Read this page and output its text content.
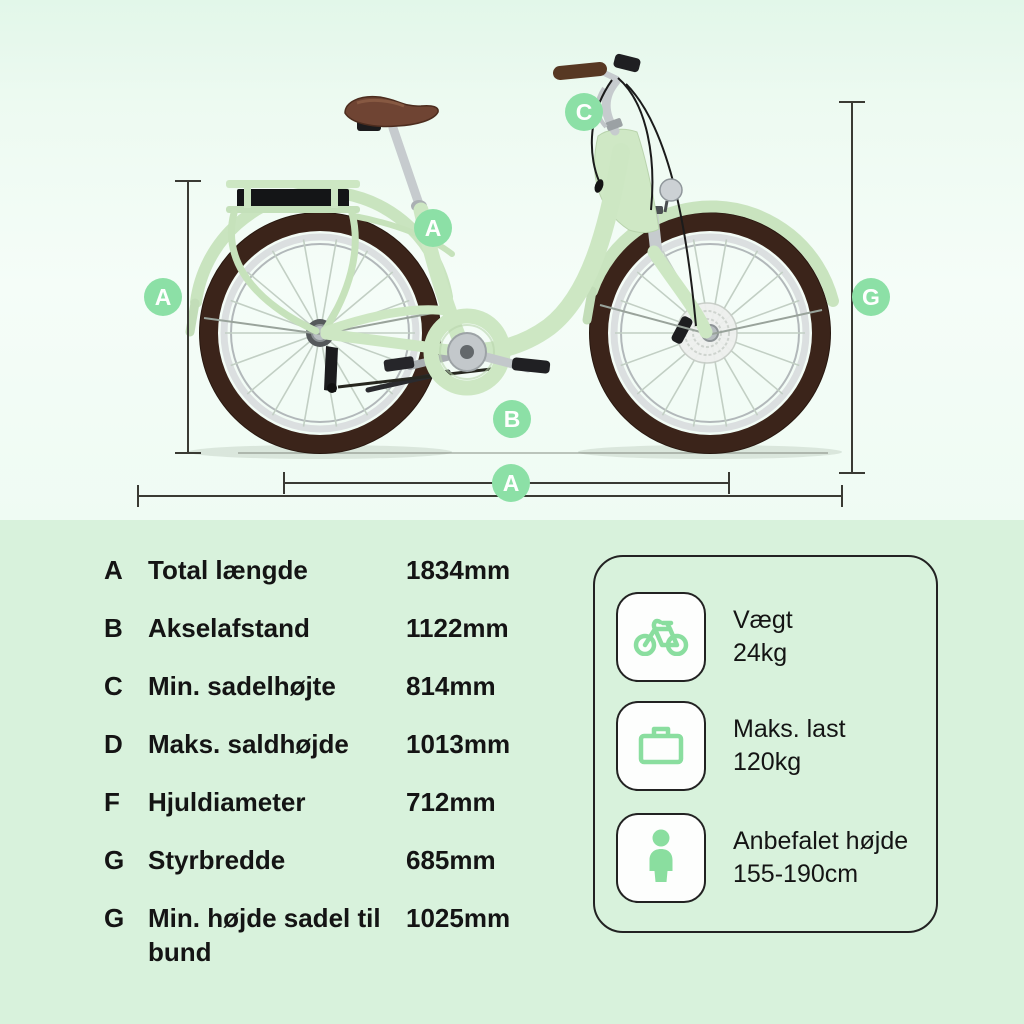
A
A
B
C
G
A
A Total længde	1834mm
B Akselafstand	1122mm
C Min. sadelhøjte	814mm
D Maks. saldhøjde	1013mm
F	Hjuldiameter	712mm
G Styrbredde	685mm
G Min. højde sadel til bund
1025mm
Vægt
24kg
Maks. last
120kg
Anbefalet højde
155-190cm
